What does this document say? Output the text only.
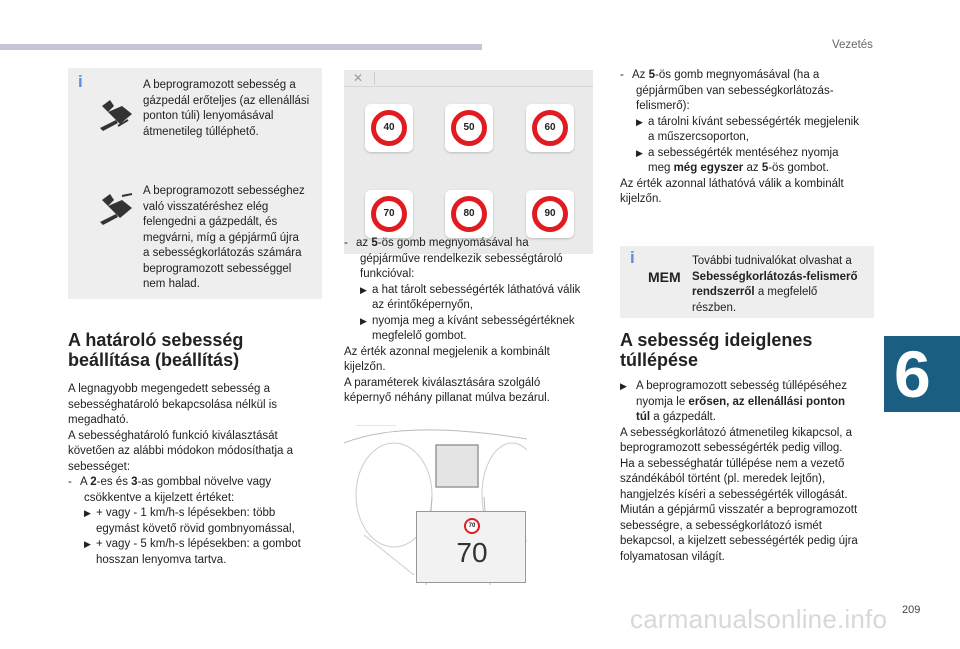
Vezetés
6
i	A beprogramozott sebesség a
gázpedál erőteljes (az ellenállási
ponton túli) lenyomásával
átmenetileg túlléphető.
A beprogramozott sebességhez
való visszatéréshez elég
felengedni a gázpedált, és
megvárni, míg a gépjármű újra
a sebességkorlátozás számára
beprogramozott sebességgel
nem halad.
A határoló sebesség
beállítása (beállítás)
A legnagyobb megengedett sebesség a
sebességhatároló bekapcsolása nélkül is
megadható.
A sebességhatároló funkció kiválasztását
követően az alábbi módokon módosíthatja a
sebességet:
- A 2-es és 3-as gombbal növelve vagy
csökkentve a kijelzett értéket:
▶ + vagy - 1 km/h-s lépésekben: több
egymást követő rövid gombnyomással,
▶ + vagy - 5 km/h-s lépésekben: a gombot
hosszan lenyomva tartva.
✕
40	50	60
70	80	90
- az 5-ös gomb megnyomásával ha
gépjárműve rendelkezik sebességtároló
funkcióval:
▶ a hat tárolt sebességérték láthatóvá válik
az érintőképernyőn,
▶ nyomja meg a kívánt sebességértéknek
megfelelő gombot.
Az érték azonnal megjelenik a kombinált
kijelzőn.
A paraméterek kiválasztására szolgáló
képernyő néhány pillanat múlva bezárul.
70
70
- Az 5-ös gomb megnyomásával (ha a
gépjárműben van sebességkorlátozás-
felismerő):
▶ a tárolni kívánt sebességérték megjelenik
a műszercsoporton,
▶ a sebességérték mentéséhez nyomja
meg még egyszer az 5-ös gombot.
Az érték azonnal láthatóvá válik a kombinált
kijelzőn.
i
MEM
További tudnivalókat olvashat a
Sebességkorlátozás-felismerő
rendszerről a megfelelő
részben.
A sebesség ideiglenes
túllépése
▶ A beprogramozott sebesség túllépéséhez
nyomja le erősen, az ellenállási ponton
túl a gázpedált.
A sebességkorlátozó átmenetileg kikapcsol, a
beprogramozott sebességérték pedig villog.
Ha a sebességhatár túllépése nem a vezető
szándékából történt (pl. meredek lejtőn),
hangjelzés kíséri a sebességérték villogását.
Miután a gépjármű visszatér a beprogramozott
sebességre, a sebességkorlátozó ismét
bekapcsol, a kijelzett sebességérték pedig újra
folyamatosan világít.
209
carmanualsonline.info
